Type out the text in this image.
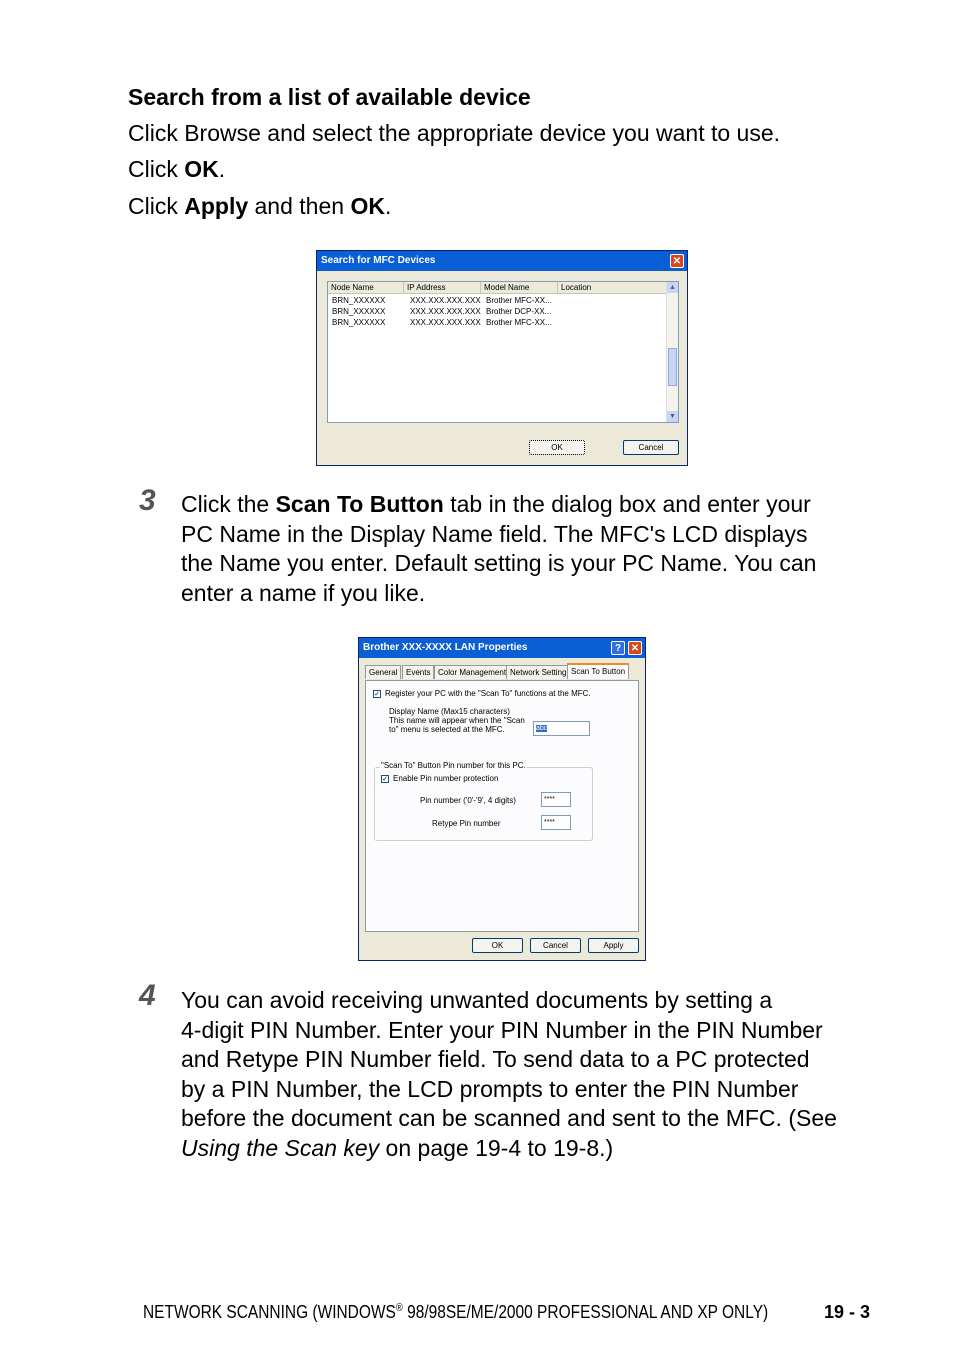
Search from a list of available device
Click Browse and select the appropriate device you want to use.
Click OK.
Click Apply and then OK.
Search for MFC Devices	✕
Node Name	IP Address	Model Name	Location
BRN_XXXXXX	XXX.XXX.XXX.XXX Brother MFC-XX...
BRN_XXXXXX	XXX.XXX.XXX.XXX Brother DCP-XX...
BRN_XXXXXX	XXX.XXX.XXX.XXX Brother MFC-XX...
▲
▼
OK	Cancel
3 Click the Scan To Button tab in the dialog box and enter your

PC Name in the Display Name field. The MFC's LCD displays

the Name you enter. Default setting is your PC Name. You can

enter a name if you like.

Brother XXX-XXXX LAN Properties	? ✕
General	Events Color Management Network Setting Scan To Button
✓ Register your PC with the "Scan To" functions at the MFC.
Display Name (Max15 characters)
This name will appear when the "Scan
to" menu is selected at the MFC.	abc
"Scan To" Button Pin number for this PC.
✓ Enable Pin number protection
Pin number ('0'-'9', 4 digits)	****
Retype Pin number	****
OK	Cancel	Apply
4 You can avoid receiving unwanted documents by setting a

4-digit PIN Number. Enter your PIN Number in the PIN Number

and Retype PIN Number field. To send data to a PC protected

by a PIN Number, the LCD prompts to enter the PIN Number

before the document can be scanned and sent to the MFC. (See

Using the Scan key on page 19-4 to 19-8.)

NETWORK SCANNING (WINDOWS® 98/98SE/ME/2000 PROFESSIONAL AND XP ONLY)	19 - 3
